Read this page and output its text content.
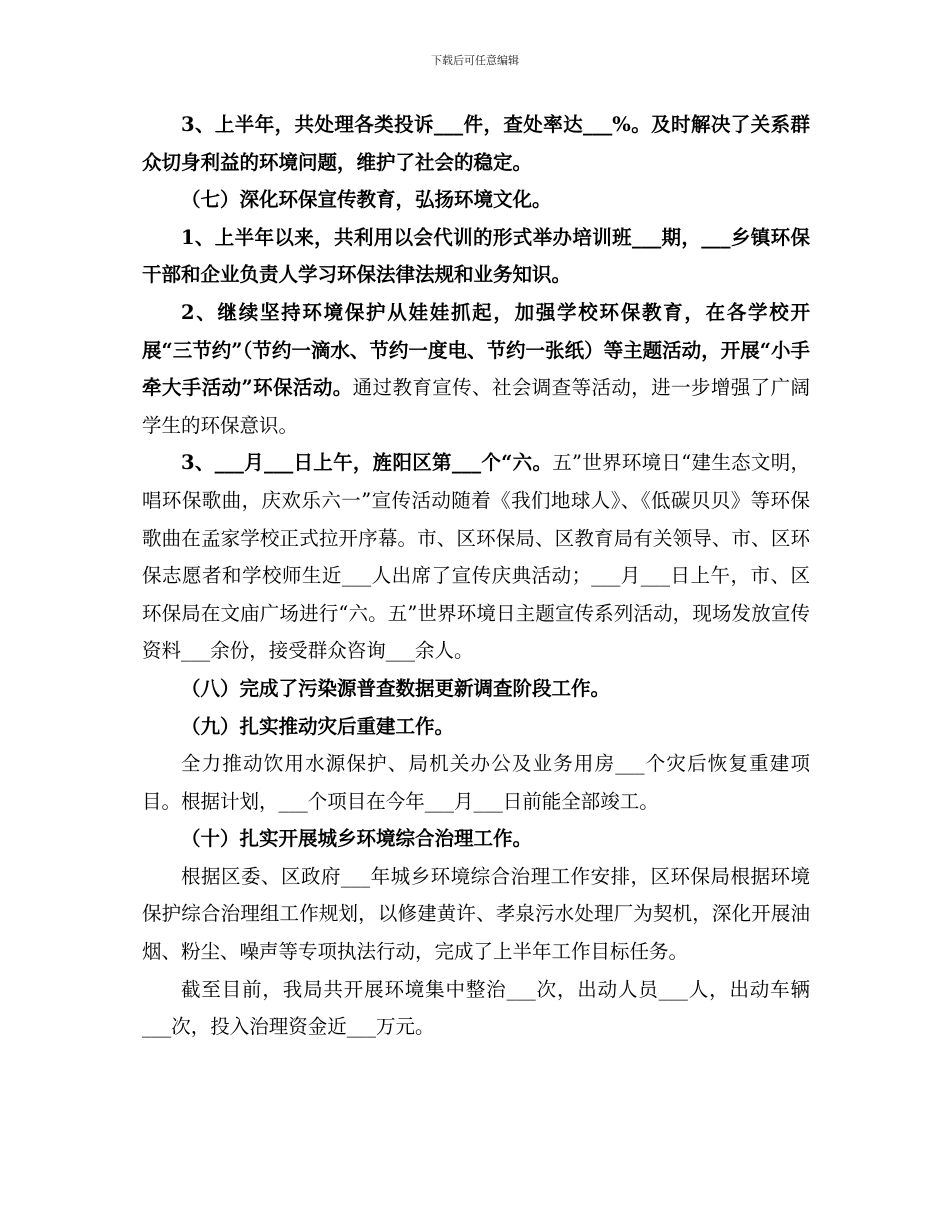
下载后可任意编辑

3、上半年，共处理各类投诉___件，查处率达___%。及时解决了关系群众切身利益的环境问题，维护了社会的稳定。

（七）深化环保宣传教育，弘扬环境文化。

1、上半年以来，共利用以会代训的形式举办培训班___期，___乡镇环保干部和企业负责人学习环保法律法规和业务知识。

2、继续坚持环境保护从娃娃抓起，加强学校环保教育，在各学校开展“三节约”（节约一滴水、节约一度电、节约一张纸）等主题活动，开展“小手牵大手活动”环保活动。通过教育宣传、社会调查等活动，进一步增强了广阔学生的环保意识。

3、___月___日上午，旌阳区第___个“六。五”世界环境日“建生态文明，唱环保歌曲，庆欢乐六一”宣传活动随着《我们地球人》、《低碳贝贝》等环保歌曲在孟家学校正式拉开序幕。市、区环保局、区教育局有关领导、市、区环保志愿者和学校师生近___人出席了宣传庆典活动；___月___日上午，市、区环保局在文庙广场进行“六。五”世界环境日主题宣传系列活动，现场发放宣传资料___余份，接受群众咨询___余人。

（八）完成了污染源普查数据更新调查阶段工作。

（九）扎实推动灾后重建工作。

全力推动饮用水源保护、局机关办公及业务用房___个灾后恢复重建项目。根据计划，___个项目在今年___月___日前能全部竣工。

（十）扎实开展城乡环境综合治理工作。

根据区委、区政府___年城乡环境综合治理工作安排，区环保局根据环境保护综合治理组工作规划，以修建黄许、孝泉污水处理厂为契机，深化开展油烟、粉尘、噪声等专项执法行动，完成了上半年工作目标任务。

截至目前，我局共开展环境集中整治___次，出动人员___人，出动车辆___次，投入治理资金近___万元。
